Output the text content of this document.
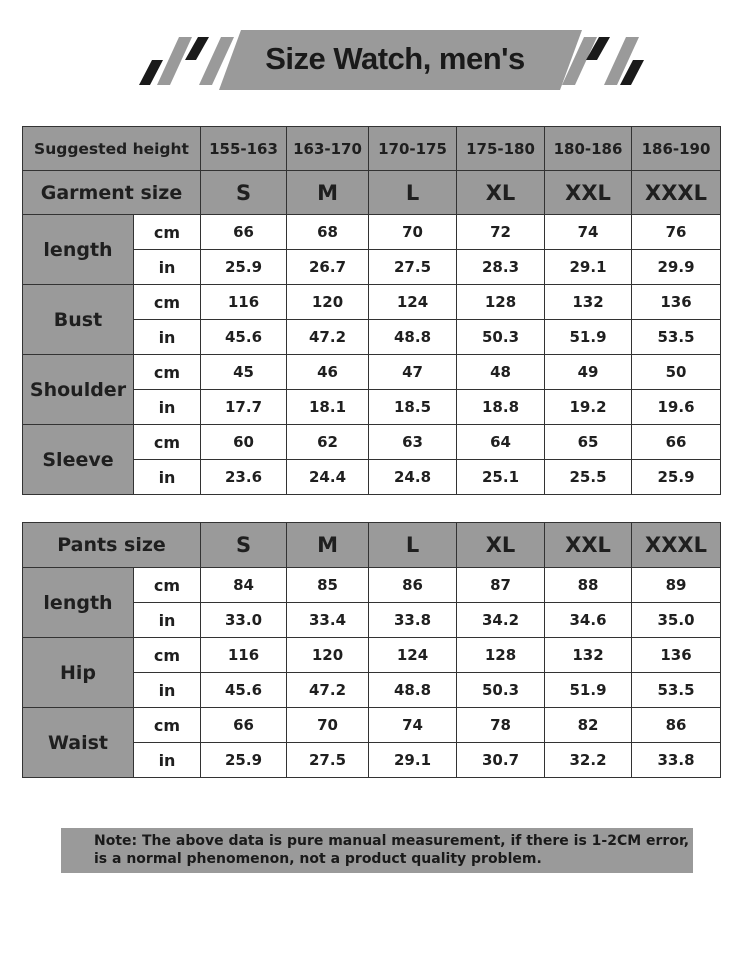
Size Watch, men's
Suggested height		155-163	163-170	170-175	175-180	180-186	186-190
Garment size		S	M	L	XL	XXL	XXXL
length	cm	66	68	70	72	74	76
	in	25.9	26.7	27.5	28.3	29.1	29.9
Bust	cm	116	120	124	128	132	136
	in	45.6	47.2	48.8	50.3	51.9	53.5
Shoulder	cm	45	46	47	48	49	50
	in	17.7	18.1	18.5	18.8	19.2	19.6
Sleeve	cm	60	62	63	64	65	66
	in	23.6	24.4	24.8	25.1	25.5	25.9
Pants size		S	M	L	XL	XXL	XXXL
length	cm	84	85	86	87	88	89
	in	33.0	33.4	33.8	34.2	34.6	35.0
Hip	cm	116	120	124	128	132	136
	in	45.6	47.2	48.8	50.3	51.9	53.5
Waist	cm	66	70	74	78	82	86
	in	25.9	27.5	29.1	30.7	32.2	33.8
Note: The above data is pure manual measurement, if there is 1-2CM error,
is a normal phenomenon, not a product quality problem.
